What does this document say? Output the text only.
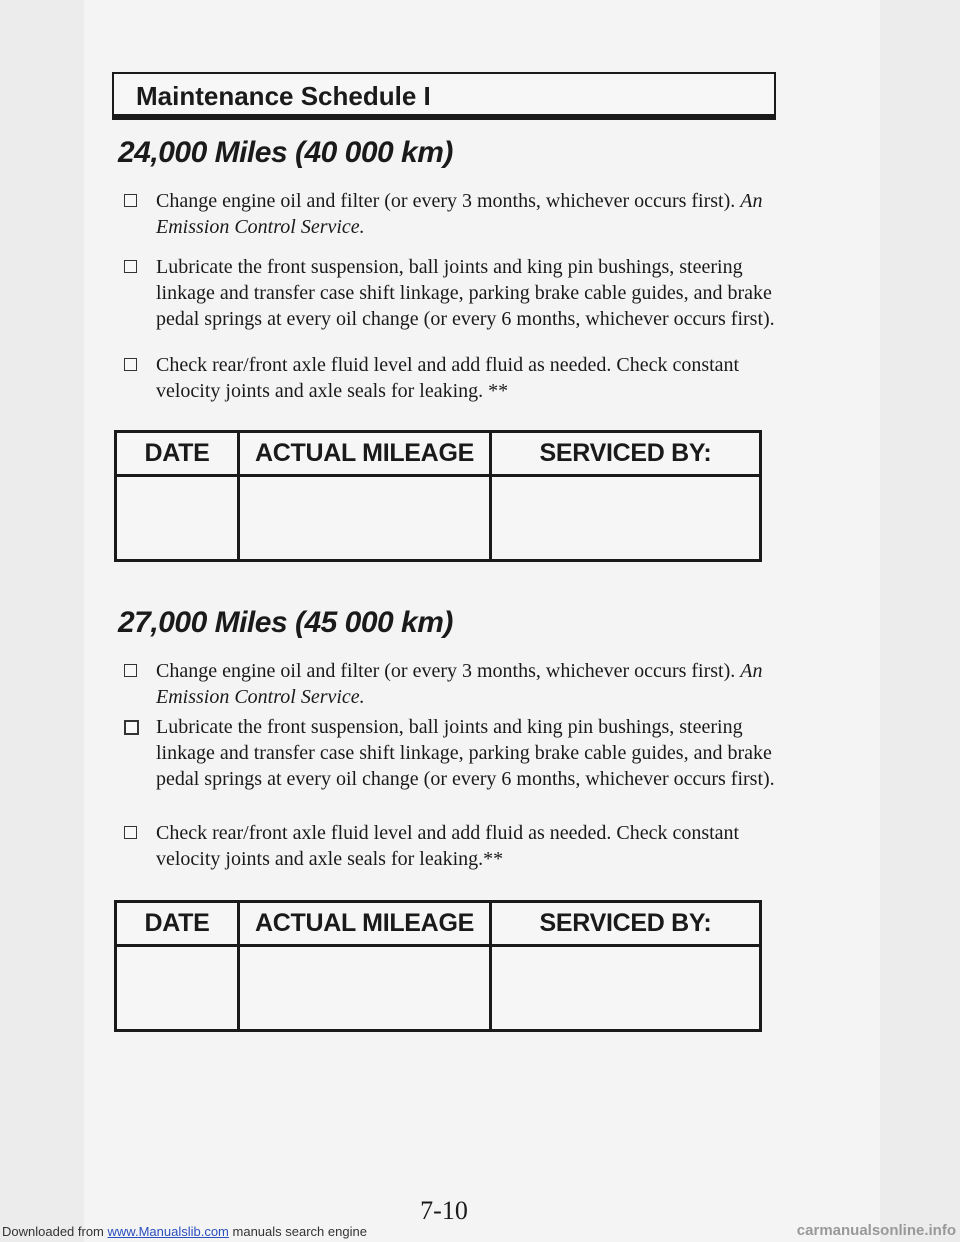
Maintenance Schedule I
24,000 Miles (40 000 km)
Change engine oil and filter (or every 3 months, whichever occurs first). An Emission Control Service.
Lubricate the front suspension, ball joints and king pin bushings, steering linkage and transfer case shift linkage, parking brake cable guides, and brake pedal springs at every oil change (or every 6 months, whichever occurs first).
Check rear/front axle fluid level and add fluid as needed. Check constant velocity joints and axle seals for leaking. **
DATE	ACTUAL MILEAGE	SERVICED BY:
27,000 Miles (45 000 km)
Change engine oil and filter (or every 3 months, whichever occurs first). An Emission Control Service.
Lubricate the front suspension, ball joints and king pin bushings, steering linkage and transfer case shift linkage, parking brake cable guides, and brake pedal springs at every oil change (or every 6 months, whichever occurs first).
Check rear/front axle fluid level and add fluid as needed. Check constant velocity joints and axle seals for leaking.**
DATE	ACTUAL MILEAGE	SERVICED BY:
7-10
Downloaded from www.Manualslib.com manuals search engine	carmanualsonline.info
